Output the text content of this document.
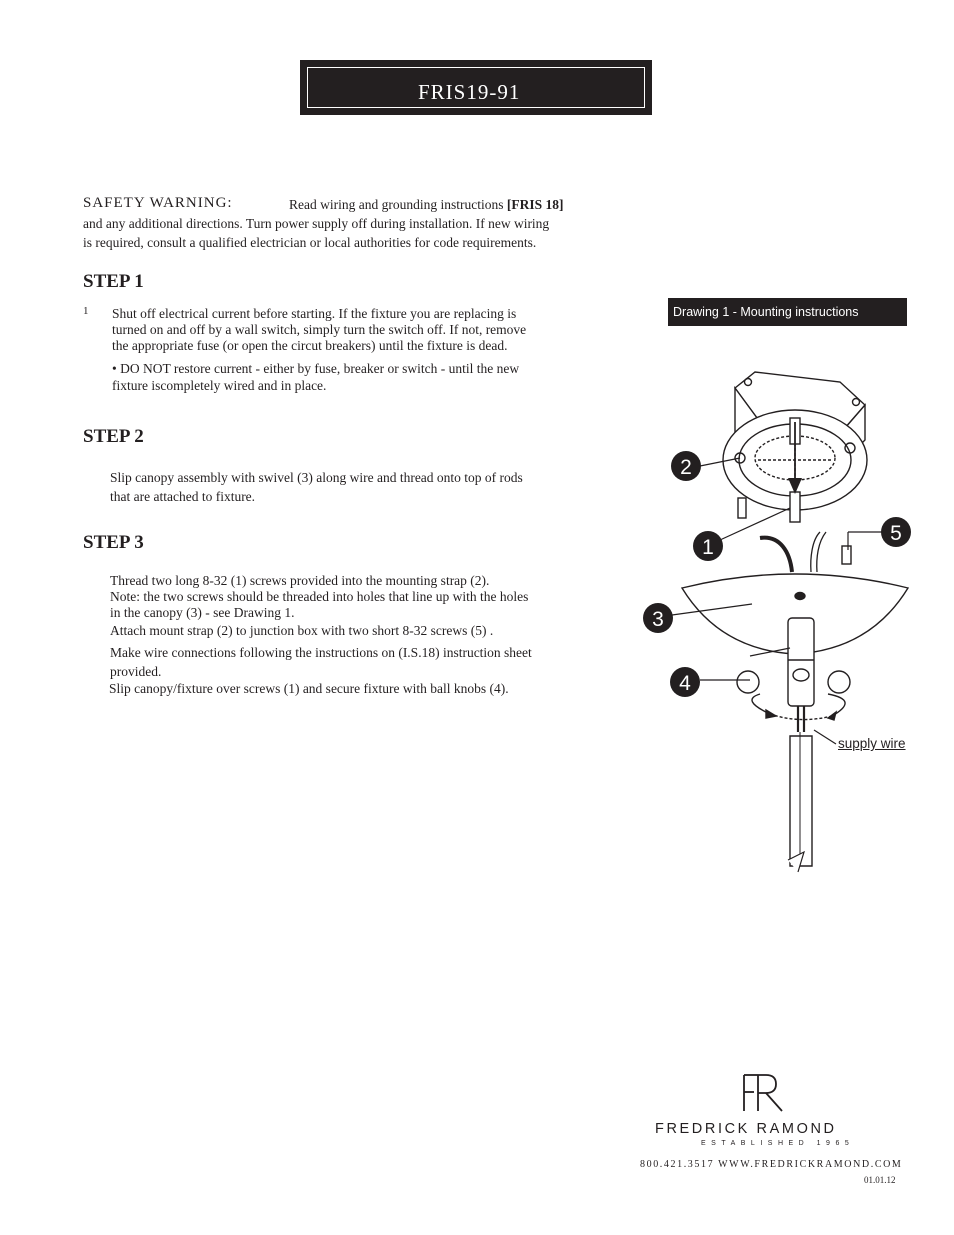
FRIS19-91
SAFETY WARNING:	Read wiring and grounding instructions [FRIS 18]
and any additional directions. Turn power supply off during installation. If new wiring
is required, consult a qualified electrician or local authorities for code requirements.
STEP 1
1 Shut off electrical current before starting. If the fixture you are replacing is
turned on and off by a wall switch, simply turn the switch off. If not, remove
the appropriate fuse (or open the circut breakers) until the fixture is dead.
• DO NOT restore current - either by fuse, breaker or switch - until the new
fixture iscompletely wired and in place.
STEP 2
Slip canopy assembly with swivel (3) along wire and thread onto top of rods
that are attached to fixture.
STEP 3
Thread two long 8-32 (1) screws provided into the mounting strap (2).
Note: the two screws should be threaded into holes that line up with the holes
in the canopy (3) - see Drawing 1.
Attach mount strap (2) to junction box with two short 8-32 screws (5) .
Make wire connections following the instructions on (I.S.18) instruction sheet
provided.
Slip canopy/fixture over screws (1) and secure fixture with ball knobs (4).
Drawing 1 - Mounting instructions
2
1
5
3
4
supply wire
FREDRICK RAMOND
ESTABLISHED 1965
800.421.3517 WWW.FREDRICKRAMOND.COM
01.01.12
